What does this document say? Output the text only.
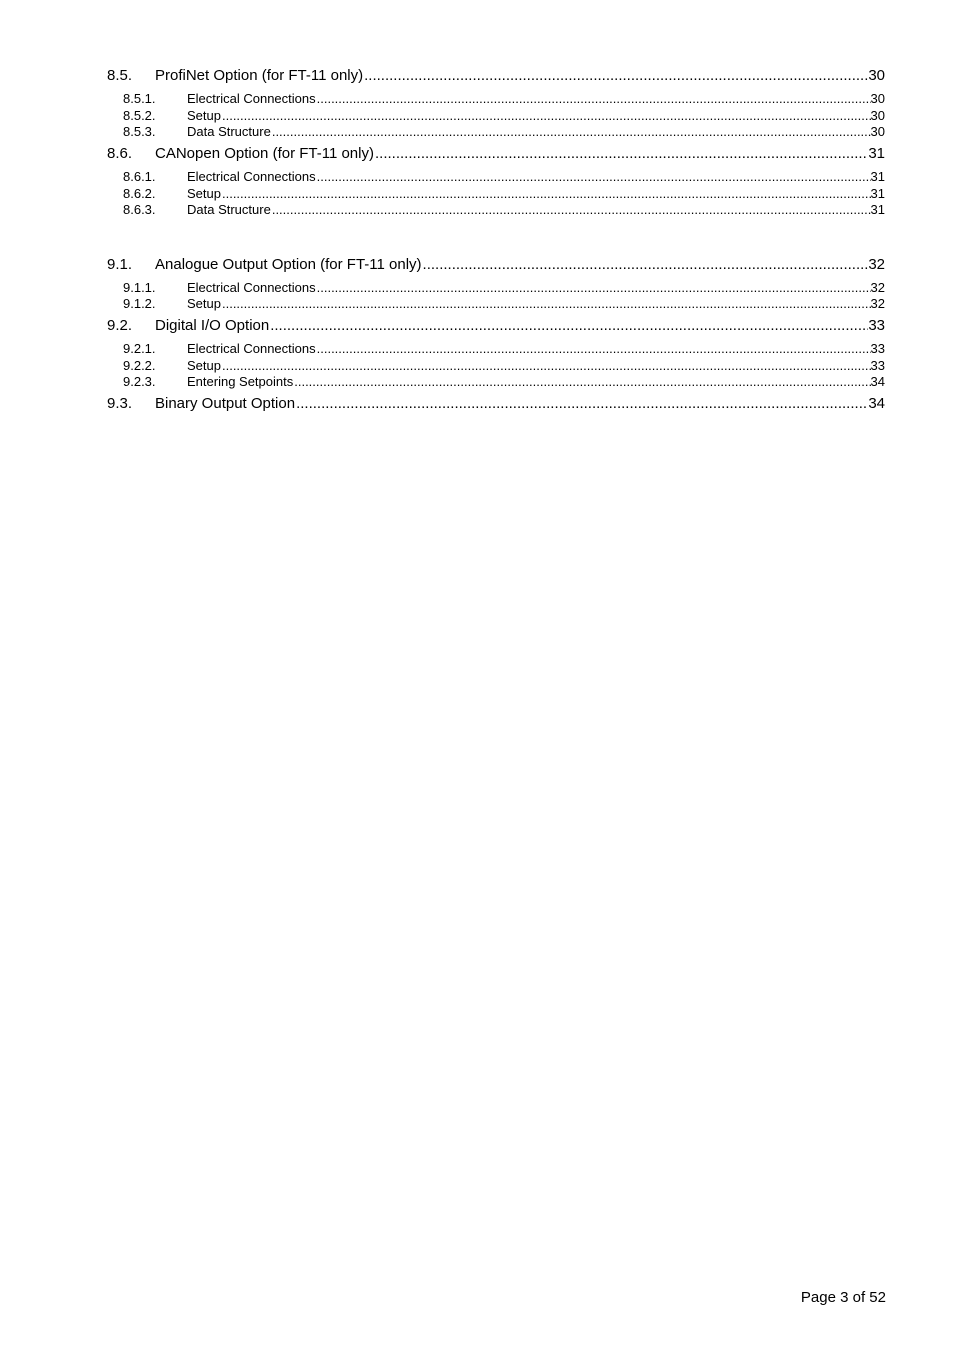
8.5. ProfiNet Option (for FT-11 only) .....	30
8.5.1. Electrical Connections .....	30
8.5.2. Setup .....	30
8.5.3. Data Structure .....	30
8.6. CANopen Option (for FT-11 only) .....	31
8.6.1. Electrical Connections .....	31
8.6.2. Setup .....	31
8.6.3. Data Structure .....	31
9.1. Analogue Output Option (for FT-11 only) .....	32
9.1.1. Electrical Connections .....	32
9.1.2. Setup .....	32
9.2. Digital I/O Option .....	33
9.2.1. Electrical Connections .....	33
9.2.2. Setup .....	33
9.2.3. Entering Setpoints .....	34
9.3. Binary Output Option .....	34
Page 3 of 52
